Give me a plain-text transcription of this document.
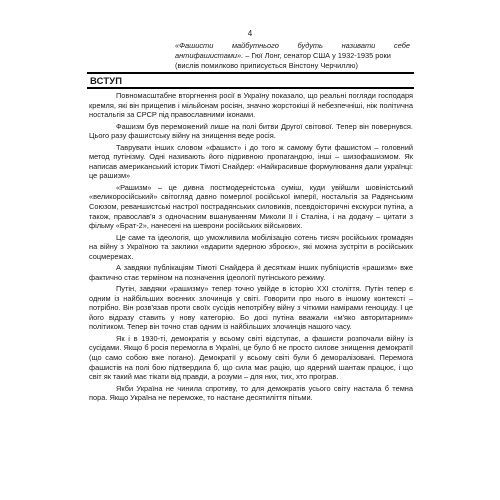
4
«Фашисти майбутнього будуть називати себе
антифашистами». – Гюї Лонг, сенатор США у 1932-1935 роки
(вислів помилково приписується Вінстону Черчиллю)
ВСТУП

Повномасштабне вторгнення росії в Україну показало, що реальні погляди господаря кремля, які він прищепив і мільйонам росіян, значно жорстокіші й небезпечніші, ніж політична ностальгія за СРСР під православними іконами.

Фашизм був переможений лише на полі битви Другої світової. Тепер він повернувся. Цього разу фашистську війну на знищення веде росія.

Таврувати інших словом «фашист» і до того ж самому бути фашистом – головний метод путінізму. Одні називають його підривною пропагандою, інші – шизофашизмом. Як написав американський історик Тімоті Снайдер: «Найкрасивше формулювання дали українці: це рашизм»

«Рашизм» – це дивна постмодерністська суміш, куди увійшли шовіністський «великоросійський» світогляд давно померлої російської імперії, ностальгія за Радянським Союзом, реваншистські настрої пострадянських силовиків, псевдоісторичні екскурси путіна, а також, православ'я з одночасним вшануванням Миколи ІІ і Сталіна, і на додачу – цитати з фільму «Брат-2», нанесені на шеврони російських військових.

Це саме та ідеологія, що уможливила мобілізацію сотень тисяч російських громадян на війну з Україною та заклики «вдарити ядерною зброєю», які можна зустріти в російських соцмережах.

А завдяки публікаціям Тімоті Снайдера й десяткам інших публіцистів «рашизм» вже фактично стає терміном на позначення ідеології путінського режиму.

Путін, завдяки «рашизму» тепер точно увійде в історію ХХІ століття. Путін тепер є одним із найбільших воєнних злочинців у світі. Говорити про нього в іншому контексті – потрібно. Він розв'язав проти своїх сусідів непотрібну війну з чіткими намірами геноциду. І це його відразу ставить у нову категорію. Бо досі путіна вважали «м'яко авторитарним» політиком. Тепер він точно став одним із найбільших злочинців нашого часу.

Як і в 1930-ті, демократія у всьому світі відступає, а фашисти розпочали війну із сусідами. Якщо б росія перемогла в Україні, це було б не просто силове знищення демократії (що само собою вже погано). Демократії у всьому світі були б деморалізовані. Перемога фашистів на полі бою підтвердила б, що сила має рацію, що ядерний шантаж працює, і що світ як такий має тікати від правди, а розуми – для них, тих, хто програв.

Якби Україна не чинила спротиву, то для демократів усього світу настала б темна пора. Якщо Україна не переможе, то настане десятиліття пітьми.
